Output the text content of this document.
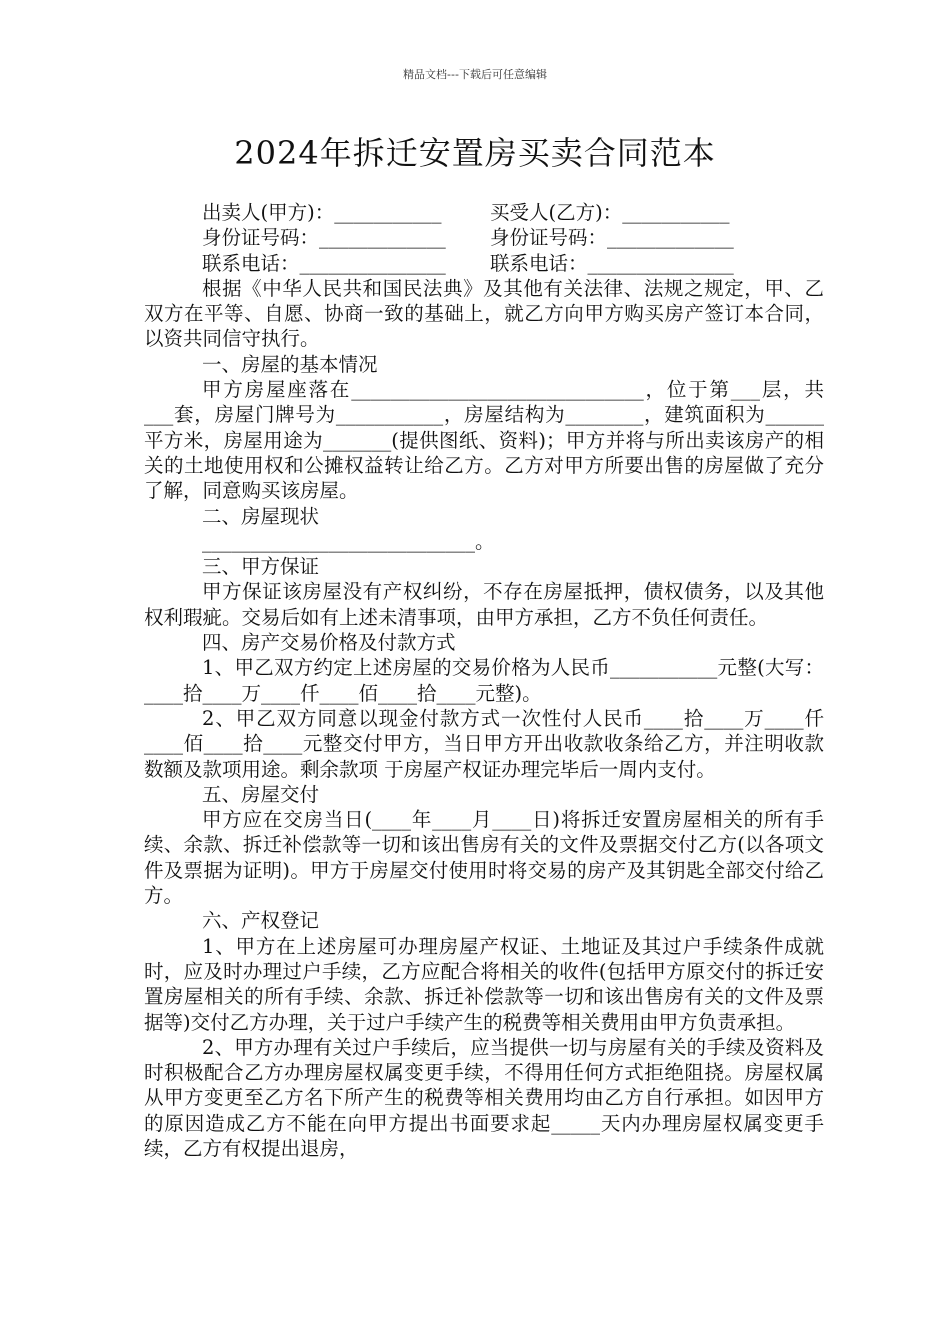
精品文档---下载后可任意编辑
2024年拆迁安置房买卖合同范本
出卖人(甲方)：___________ 买受人(乙方)：___________
身份证号码：_____________ 身份证号码：_____________
联系电话：_______________ 联系电话：_______________
根据《中华人民共和国民法典》及其他有关法律、法规之规定，甲、乙双方在平等、自愿、协商一致的基础上，就乙方向甲方购买房产签订本合同，以资共同信守执行。
一、房屋的基本情况
甲方房屋座落在______________________________，位于第___层，共___套，房屋门牌号为___________，房屋结构为________，建筑面积为______平方米，房屋用途为_______(提供图纸、资料)；甲方并将与所出卖该房产的相关的土地使用权和公摊权益转让给乙方。乙方对甲方所要出售的房屋做了充分了解，同意购买该房屋。
二、房屋现状
____________________________。
三、甲方保证
甲方保证该房屋没有产权纠纷，不存在房屋抵押，债权债务，以及其他权利瑕疵。交易后如有上述未清事项，由甲方承担，乙方不负任何责任。
四、房产交易价格及付款方式
1、甲乙双方约定上述房屋的交易价格为人民币___________元整(大写：____拾____万____仟____佰____拾____元整)。
2、甲乙双方同意以现金付款方式一次性付人民币____拾____万____仟____佰____拾____元整交付甲方，当日甲方开出收款收条给乙方，并注明收款数额及款项用途。剩余款项 于房屋产权证办理完毕后一周内支付。
五、房屋交付
甲方应在交房当日(____年____月____日)将拆迁安置房屋相关的所有手续、余款、拆迁补偿款等一切和该出售房有关的文件及票据交付乙方(以各项文件及票据为证明)。甲方于房屋交付使用时将交易的房产及其钥匙全部交付给乙方。
六、产权登记
1、甲方在上述房屋可办理房屋产权证、土地证及其过户手续条件成就时，应及时办理过户手续，乙方应配合将相关的收件(包括甲方原交付的拆迁安置房屋相关的所有手续、余款、拆迁补偿款等一切和该出售房有关的文件及票据等)交付乙方办理，关于过户手续产生的税费等相关费用由甲方负责承担。
2、甲方办理有关过户手续后，应当提供一切与房屋有关的手续及资料及时积极配合乙方办理房屋权属变更手续，不得用任何方式拒绝阻挠。房屋权属从甲方变更至乙方名下所产生的税费等相关费用均由乙方自行承担。如因甲方的原因造成乙方不能在向甲方提出书面要求起_____天内办理房屋权属变更手续，乙方有权提出退房，
